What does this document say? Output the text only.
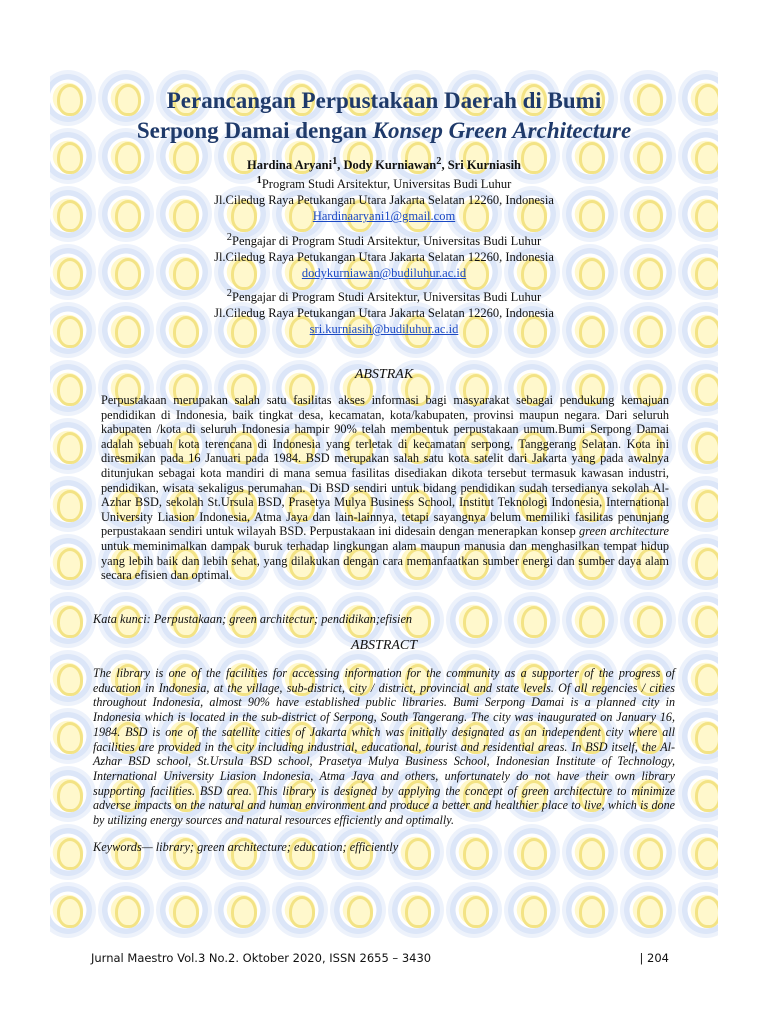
Perancangan Perpustakaan Daerah di Bumi
Serpong Damai dengan Konsep Green Architecture
Hardina Aryani$^1$, Dody Kurniawan$^2$, Sri Kurniasih
$^1$Program Studi Arsitektur, Universitas Budi Luhur
Jl.Ciledug Raya Petukangan Utara Jakarta Selatan 12260, Indonesia
Hardinaaryani1@gmail.com
$^2$Pengajar di Program Studi Arsitektur, Universitas Budi Luhur
Jl.Ciledug Raya Petukangan Utara Jakarta Selatan 12260, Indonesia
dodykurniawan@budiluhur.ac.id
$^2$Pengajar di Program Studi Arsitektur, Universitas Budi Luhur
Jl.Ciledug Raya Petukangan Utara Jakarta Selatan 12260, Indonesia
sri.kurniasih@budiluhur.ac.id
ABSTRAK
Perpustakaan merupakan salah satu fasilitas akses informasi bagi masyarakat sebagai pendukung kemajuan pendidikan di Indonesia, baik tingkat desa, kecamatan, kota/kabupaten, provinsi maupun negara. Dari seluruh kabupaten /kota di seluruh Indonesia hampir 90% telah membentuk perpustakaan umum.Bumi Serpong Damai adalah sebuah kota terencana di Indonesia yang terletak di kecamatan serpong, Tanggerang Selatan. Kota ini diresmikan pada 16 Januari pada 1984. BSD merupakan salah satu kota satelit dari Jakarta yang pada awalnya ditunjukan sebagai kota mandiri di mana semua fasilitas disediakan dikota tersebut termasuk kawasan industri, pendidikan, wisata sekaligus perumahan. Di BSD sendiri untuk bidang pendidikan sudah tersedianya sekolah Al-Azhar BSD, sekolah St.Ursula BSD, Prasetya Mulya Business School, Institut Teknologi Indonesia, International University Liasion Indonesia, Atma Jaya dan lain-lainnya, tetapi sayangnya belum memiliki fasilitas penunjang perpustakaan sendiri untuk wilayah BSD. Perpustakaan ini didesain dengan menerapkan konsep green architecture untuk meminimalkan dampak buruk terhadap lingkungan alam maupun manusia dan menghasilkan tempat hidup yang lebih baik dan lebih sehat, yang dilakukan dengan cara memanfaatkan sumber energi dan sumber daya alam secara efisien dan optimal.
Kata kunci: Perpustakaan; green architectur; pendidikan;efisien
ABSTRACT
The library is one of the facilities for accessing information for the community as a supporter of the progress of education in Indonesia, at the village, sub-district, city / district, provincial and state levels. Of all regencies / cities throughout Indonesia, almost 90% have established public libraries. Bumi Serpong Damai is a planned city in Indonesia which is located in the sub-district of Serpong, South Tangerang. The city was inaugurated on January 16, 1984. BSD is one of the satellite cities of Jakarta which was initially designated as an independent city where all facilities are provided in the city including industrial, educational, tourist and residential areas. In BSD itself, the Al-Azhar BSD school, St.Ursula BSD school, Prasetya Mulya Business School, Indonesian Institute of Technology, International University Liasion Indonesia, Atma Jaya and others, unfortunately do not have their own library supporting facilities. BSD area. This library is designed by applying the concept of green architecture to minimize adverse impacts on the natural and human environment and produce a better and healthier place to live, which is done by utilizing energy sources and natural resources efficiently and optimally.
Keywords— library; green architecture; education; efficiently
Jurnal Maestro Vol.3 No.2. Oktober 2020, ISSN 2655 – 3430	| 204
